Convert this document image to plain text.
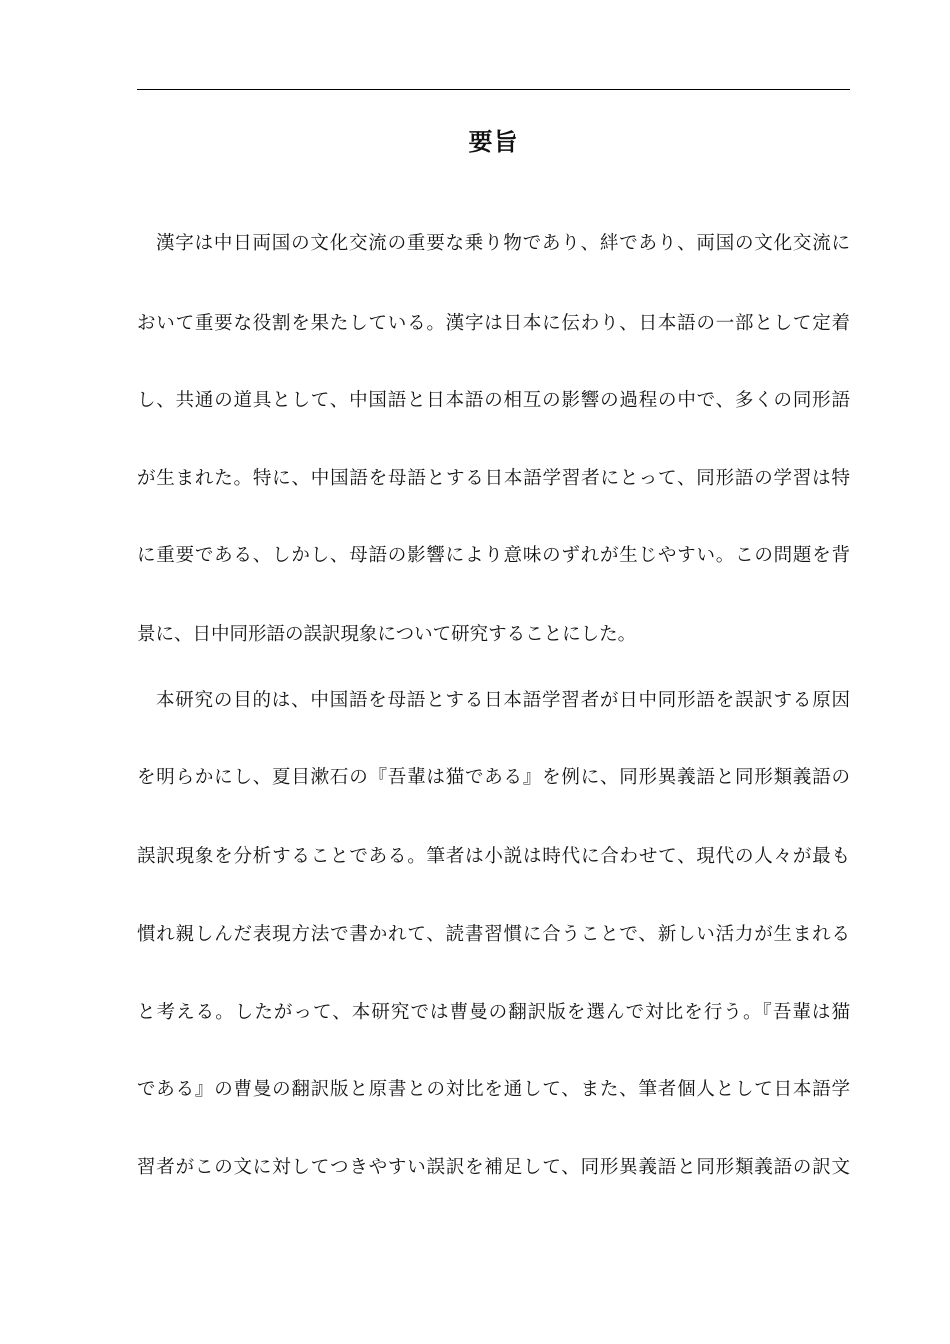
要旨
漢字は中日両国の文化交流の重要な乗り物であり、絆であり、両国の文化交流に
おいて重要な役割を果たしている。漢字は日本に伝わり、日本語の一部として定着
し、共通の道具として、中国語と日本語の相互の影響の過程の中で、多くの同形語
が生まれた。特に、中国語を母語とする日本語学習者にとって、同形語の学習は特
に重要である、しかし、母語の影響により意味のずれが生じやすい。この問題を背
景に、日中同形語の誤訳現象について研究することにした。
本研究の目的は、中国語を母語とする日本語学習者が日中同形語を誤訳する原因
を明らかにし、夏目漱石の『吾輩は猫である』を例に、同形異義語と同形類義語の
誤訳現象を分析することである。筆者は小説は時代に合わせて、現代の人々が最も
慣れ親しんだ表現方法で書かれて、読書習慣に合うことで、新しい活力が生まれる
と考える。したがって、本研究では曹曼の翻訳版を選んで対比を行う。『吾輩は猫
である』の曹曼の翻訳版と原書との対比を通して、また、筆者個人として日本語学
習者がこの文に対してつきやすい誤訳を補足して、同形異義語と同形類義語の訳文
